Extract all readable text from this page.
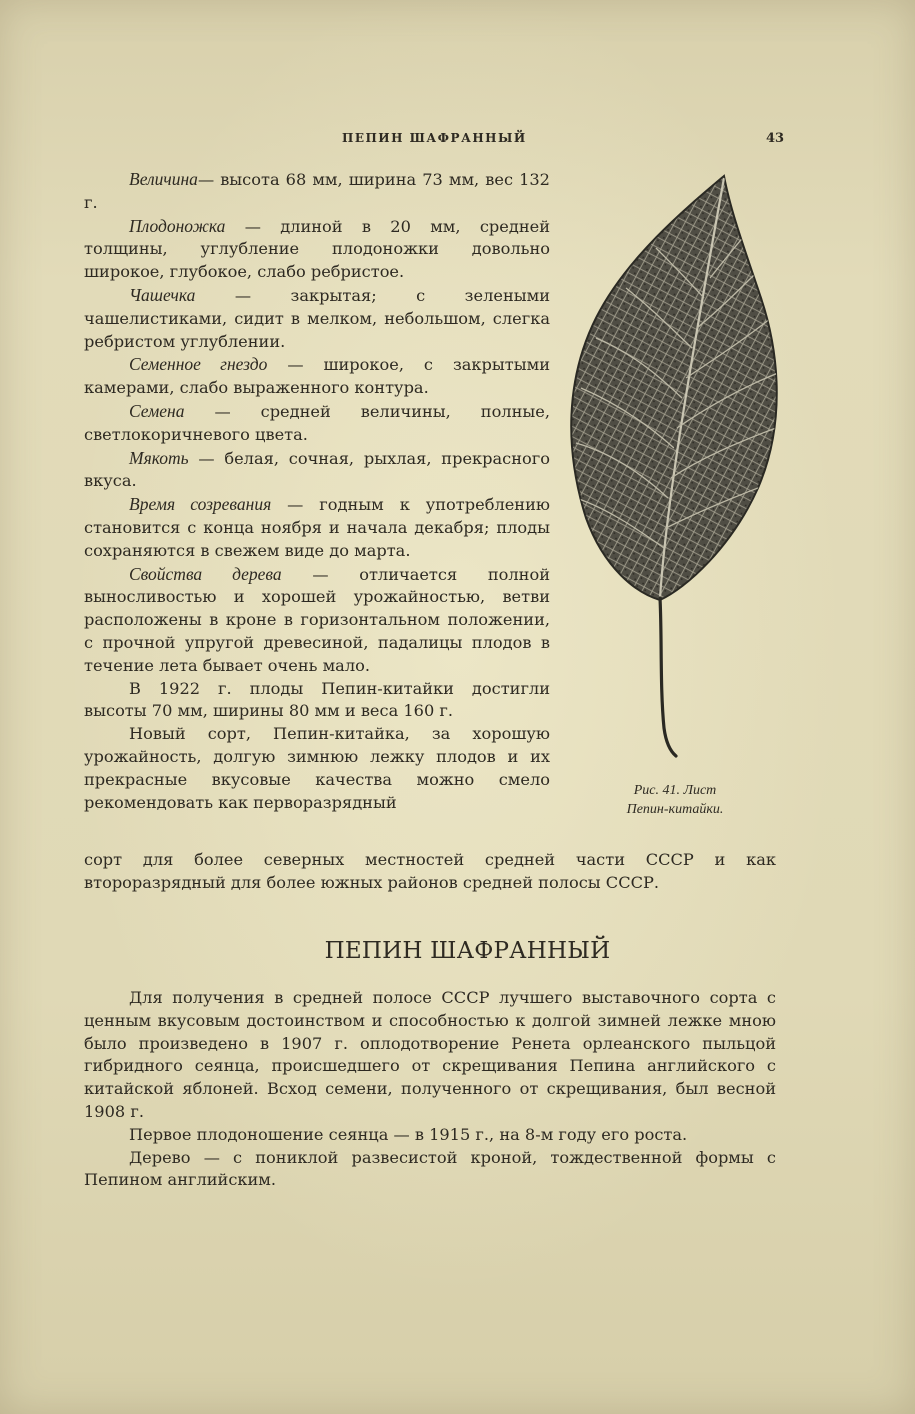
ПЕПИН ШАФРАННЫЙ	43

Величина— высота 68 мм, ширина 73 мм, вес 132 г.

Плодоножка — длиной в 20 мм, средней толщины, углубление плодоножки довольно широкое, глубокое, слабо ребристое.

Чашечка — закрытая; с зелеными чашелистиками, сидит в мелком, небольшом, слегка ребристом углублении.

Семенное гнездо — широкое, с закрытыми камерами, слабо выраженного контура.

Семена — средней величины, полные, светлокоричневого цвета.

Мякоть — белая, сочная, рыхлая, прекрасного вкуса.

Время созревания — годным к употреблению становится с конца ноября и начала декабря; плоды сохраняются в свежем виде до марта.

Свойства дерева — отличается полной выносливостью и хорошей урожайностью, ветви расположены в кроне в горизонтальном положении, с прочной упругой древесиной, падалицы плодов в течение лета бывает очень мало.

В 1922 г. плоды Пепин-китайки достигли высоты 70 мм, ширины 80 мм и веса 160 г.

Новый сорт, Пепин-китайка, за хорошую урожайность, долгую зимнюю лежку плодов и их прекрасные вкусовые качества можно смело рекомендовать как перворазрядный

сорт для более северных местностей средней части СССР и как второразрядный для более южных районов средней полосы СССР.

Рис. 41. Лист
Пепин-китайки.
ПЕПИН ШАФРАННЫЙ

Для получения в средней полосе СССР лучшего выставочного сорта с ценным вкусовым достоинством и способностью к долгой зимней лежке мною было произведено в 1907 г. оплодотворение Ренета орлеанского пыльцой гибридного сеянца, происшедшего от скрещивания Пепина английского с китайской яблоней. Всход семени, полученного от скрещивания, был весной 1908 г.

Первое плодоношение сеянца — в 1915 г., на 8-м году его роста.

Дерево — с пониклой развесистой кроной, тождественной формы с Пепином английским.
